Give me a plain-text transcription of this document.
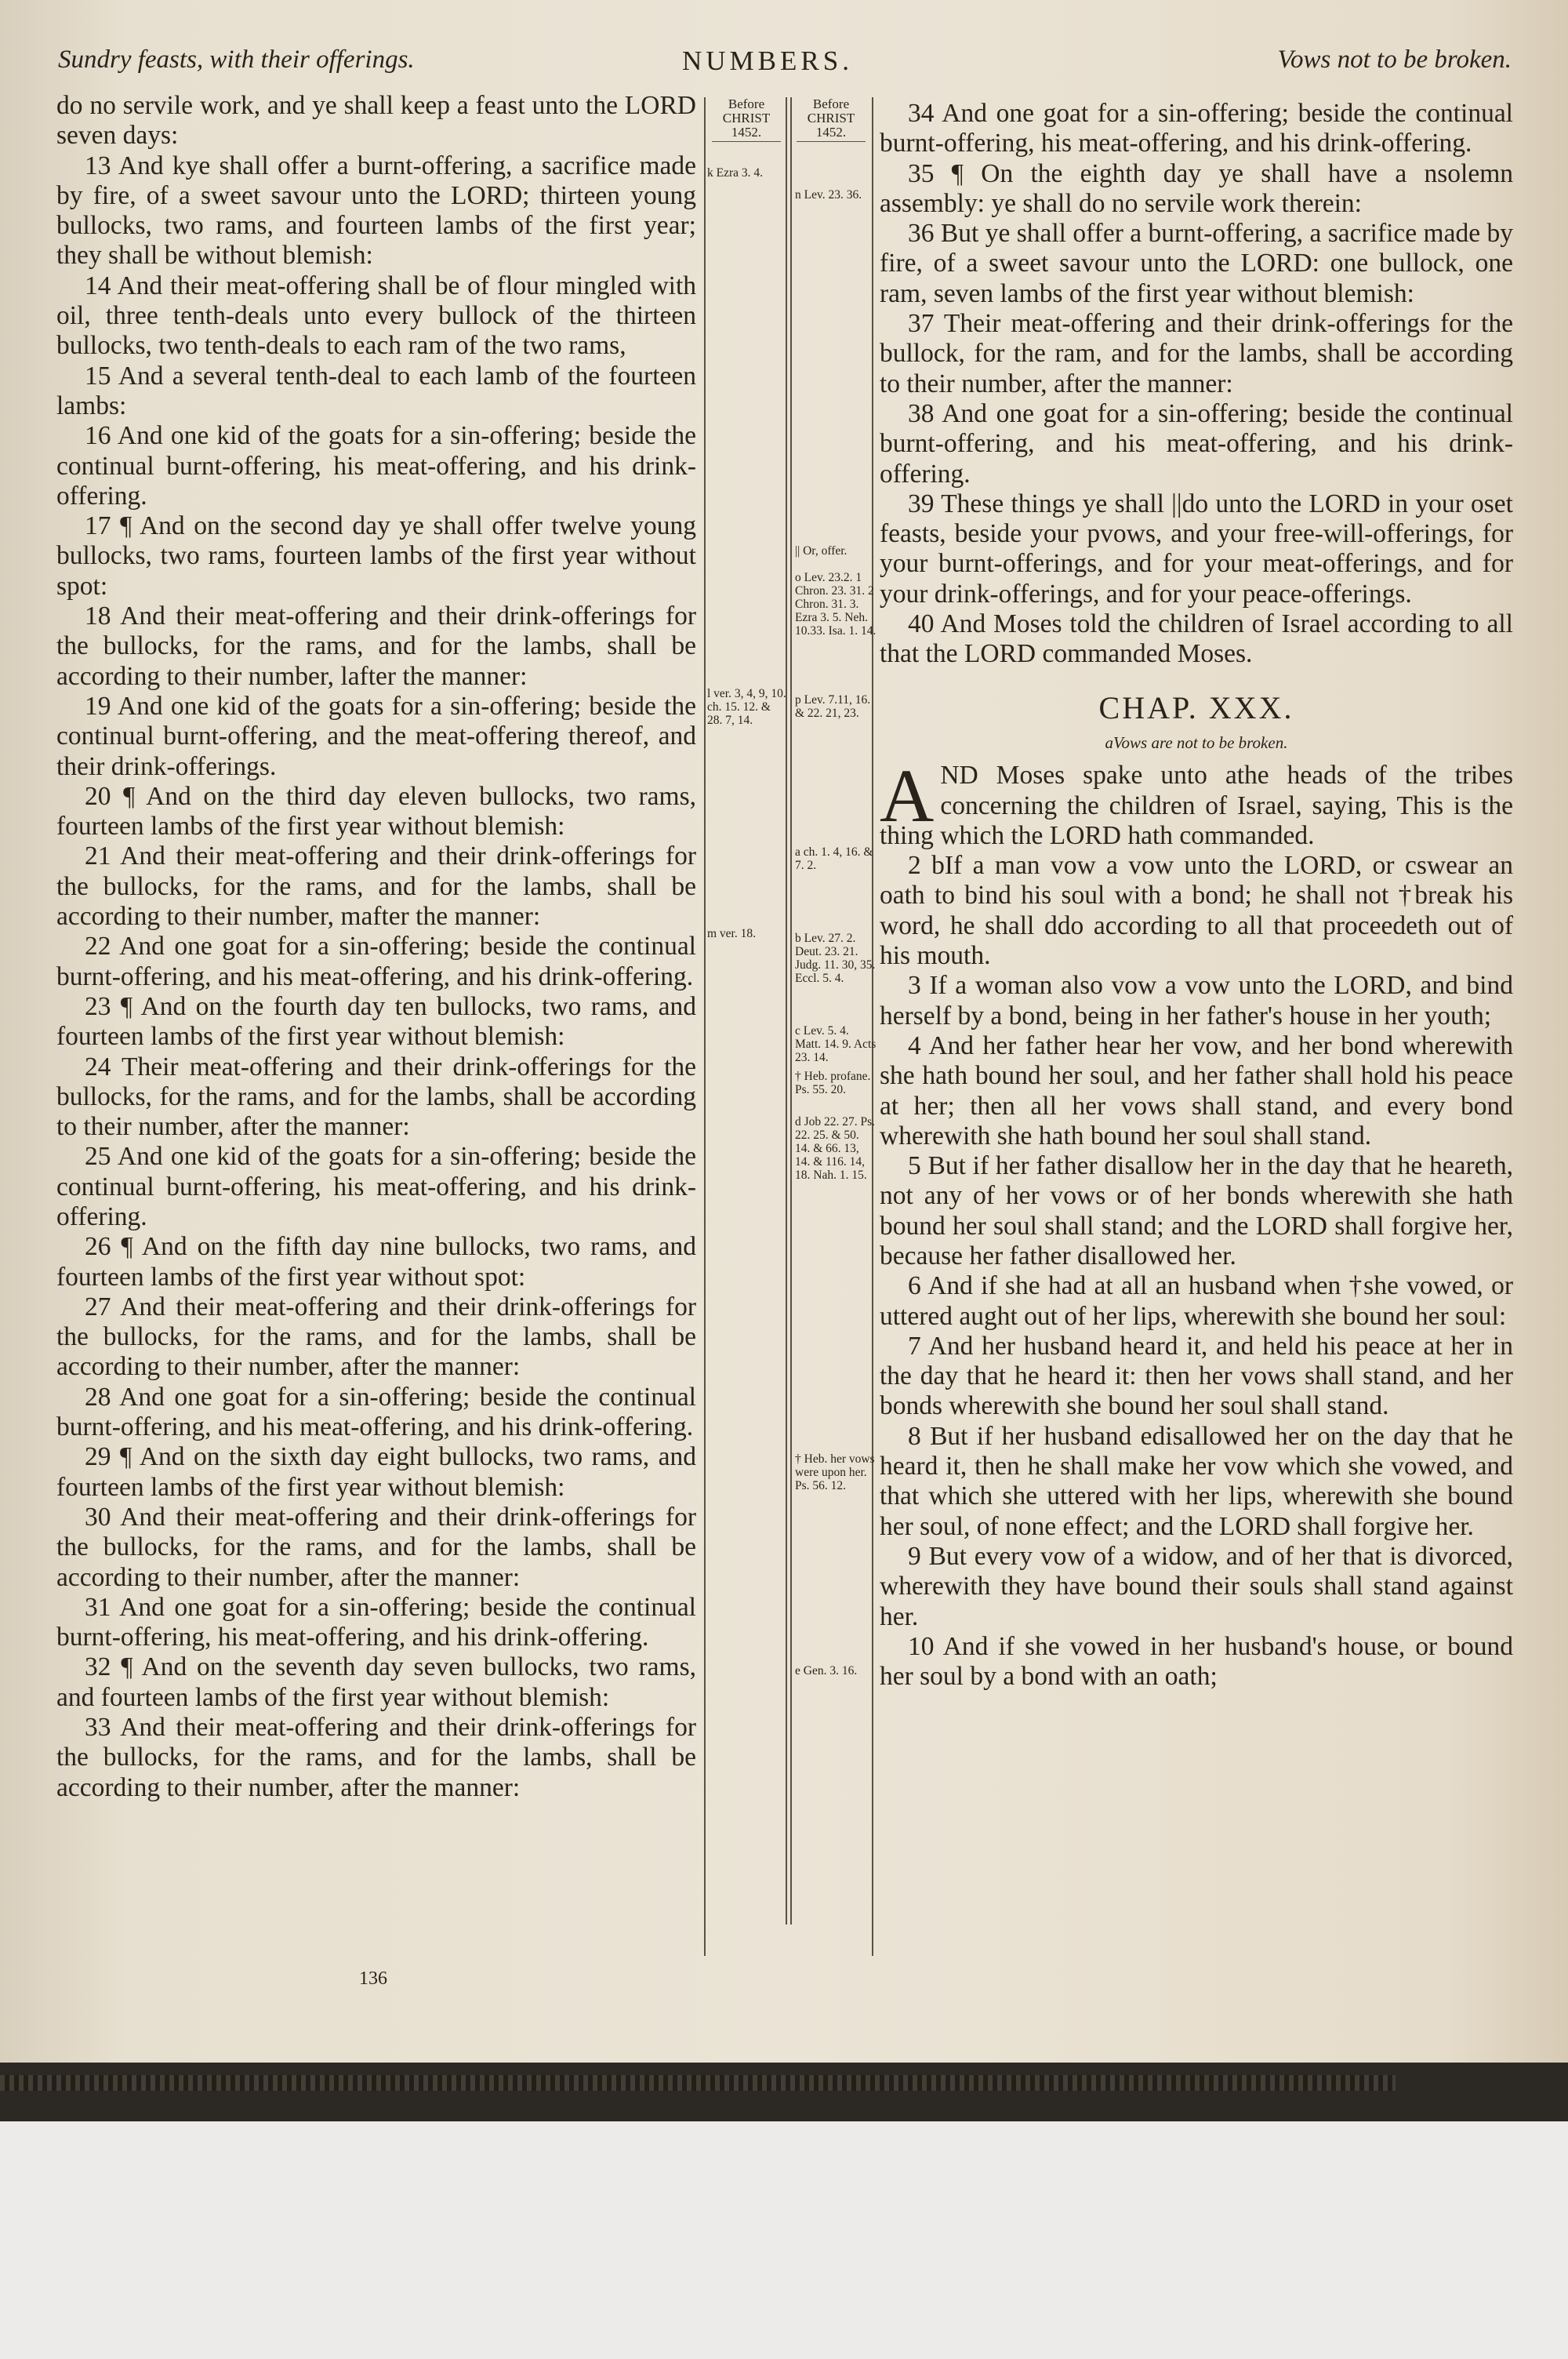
Sundry feasts, with their offerings.	NUMBERS.	Vows not to be broken.
Before
CHRIST
1452.
Before
CHRIST
1452.
k Ezra 3. 4.
l ver. 3, 4, 9, 10. ch. 15. 12. & 28. 7, 14.
m ver. 18.
n Lev. 23. 36.
|| Or, offer.
o Lev. 23.2. 1 Chron. 23. 31. 2 Chron. 31. 3. Ezra 3. 5. Neh. 10.33. Isa. 1. 14.
p Lev. 7.11, 16. & 22. 21, 23.
a ch. 1. 4, 16. & 7. 2.
b Lev. 27. 2. Deut. 23. 21. Judg. 11. 30, 35. Eccl. 5. 4.
c Lev. 5. 4. Matt. 14. 9. Acts 23. 14.
† Heb. profane. Ps. 55. 20.
d Job 22. 27. Ps. 22. 25. & 50. 14. & 66. 13, 14. & 116. 14, 18. Nah. 1. 15.
† Heb. her vows were upon her. Ps. 56. 12.
e Gen. 3. 16.

do no servile work, and ye shall keep a feast unto the LORD seven days:

13 And kye shall offer a burnt-offering, a sacrifice made by fire, of a sweet savour unto the LORD; thirteen young bullocks, two rams, and fourteen lambs of the first year; they shall be without blemish:

14 And their meat-offering shall be of flour mingled with oil, three tenth-deals unto every bullock of the thirteen bullocks, two tenth-deals to each ram of the two rams,

15 And a several tenth-deal to each lamb of the fourteen lambs:

16 And one kid of the goats for a sin-offering; beside the continual burnt-offering, his meat-offering, and his drink-offering.

17 ¶ And on the second day ye shall offer twelve young bullocks, two rams, fourteen lambs of the first year without spot:

18 And their meat-offering and their drink-offerings for the bullocks, for the rams, and for the lambs, shall be according to their number, lafter the manner:

19 And one kid of the goats for a sin-offering; beside the continual burnt-offering, and the meat-offering thereof, and their drink-offerings.

20 ¶ And on the third day eleven bullocks, two rams, fourteen lambs of the first year without blemish:

21 And their meat-offering and their drink-offerings for the bullocks, for the rams, and for the lambs, shall be according to their number, mafter the manner:

22 And one goat for a sin-offering; beside the continual burnt-offering, and his meat-offering, and his drink-offering.

23 ¶ And on the fourth day ten bullocks, two rams, and fourteen lambs of the first year without blemish:

24 Their meat-offering and their drink-offerings for the bullocks, for the rams, and for the lambs, shall be according to their number, after the manner:

25 And one kid of the goats for a sin-offering; beside the continual burnt-offering, his meat-offering, and his drink-offering.

26 ¶ And on the fifth day nine bullocks, two rams, and fourteen lambs of the first year without spot:

27 And their meat-offering and their drink-offerings for the bullocks, for the rams, and for the lambs, shall be according to their number, after the manner:

28 And one goat for a sin-offering; beside the continual burnt-offering, and his meat-offering, and his drink-offering.

29 ¶ And on the sixth day eight bullocks, two rams, and fourteen lambs of the first year without blemish:

30 And their meat-offering and their drink-offerings for the bullocks, for the rams, and for the lambs, shall be according to their number, after the manner:

31 And one goat for a sin-offering; beside the continual burnt-offering, his meat-offering, and his drink-offering.

32 ¶ And on the seventh day seven bullocks, two rams, and fourteen lambs of the first year without blemish:

33 And their meat-offering and their drink-offerings for the bullocks, for the rams, and for the lambs, shall be according to their number, after the manner:

34 And one goat for a sin-offering; beside the continual burnt-offering, his meat-offering, and his drink-offering.

35 ¶ On the eighth day ye shall have a nsolemn assembly: ye shall do no servile work therein:

36 But ye shall offer a burnt-offering, a sacrifice made by fire, of a sweet savour unto the LORD: one bullock, one ram, seven lambs of the first year without blemish:

37 Their meat-offering and their drink-offerings for the bullock, for the ram, and for the lambs, shall be according to their number, after the manner:

38 And one goat for a sin-offering; beside the continual burnt-offering, and his meat-offering, and his drink-offering.

39 These things ye shall ||do unto the LORD in your oset feasts, beside your pvows, and your free-will-offerings, for your burnt-offerings, and for your meat-offerings, and for your drink-offerings, and for your peace-offerings.

40 And Moses told the children of Israel according to all that the LORD commanded Moses.

CHAP. XXX.
aVows are not to be broken.

AND Moses spake unto athe heads of the tribes concerning the children of Israel, saying, This is the thing which the LORD hath commanded.

2 bIf a man vow a vow unto the LORD, or cswear an oath to bind his soul with a bond; he shall not †break his word, he shall ddo according to all that proceedeth out of his mouth.

3 If a woman also vow a vow unto the LORD, and bind herself by a bond, being in her father's house in her youth;

4 And her father hear her vow, and her bond wherewith she hath bound her soul, and her father shall hold his peace at her; then all her vows shall stand, and every bond wherewith she hath bound her soul shall stand.

5 But if her father disallow her in the day that he heareth, not any of her vows or of her bonds wherewith she hath bound her soul shall stand; and the LORD shall forgive her, because her father disallowed her.

6 And if she had at all an husband when †she vowed, or uttered aught out of her lips, wherewith she bound her soul:

7 And her husband heard it, and held his peace at her in the day that he heard it: then her vows shall stand, and her bonds wherewith she bound her soul shall stand.

8 But if her husband edisallowed her on the day that he heard it, then he shall make her vow which she vowed, and that which she uttered with her lips, wherewith she bound her soul, of none effect; and the LORD shall forgive her.

9 But every vow of a widow, and of her that is divorced, wherewith they have bound their souls shall stand against her.

10 And if she vowed in her husband's house, or bound her soul by a bond with an oath;

136
